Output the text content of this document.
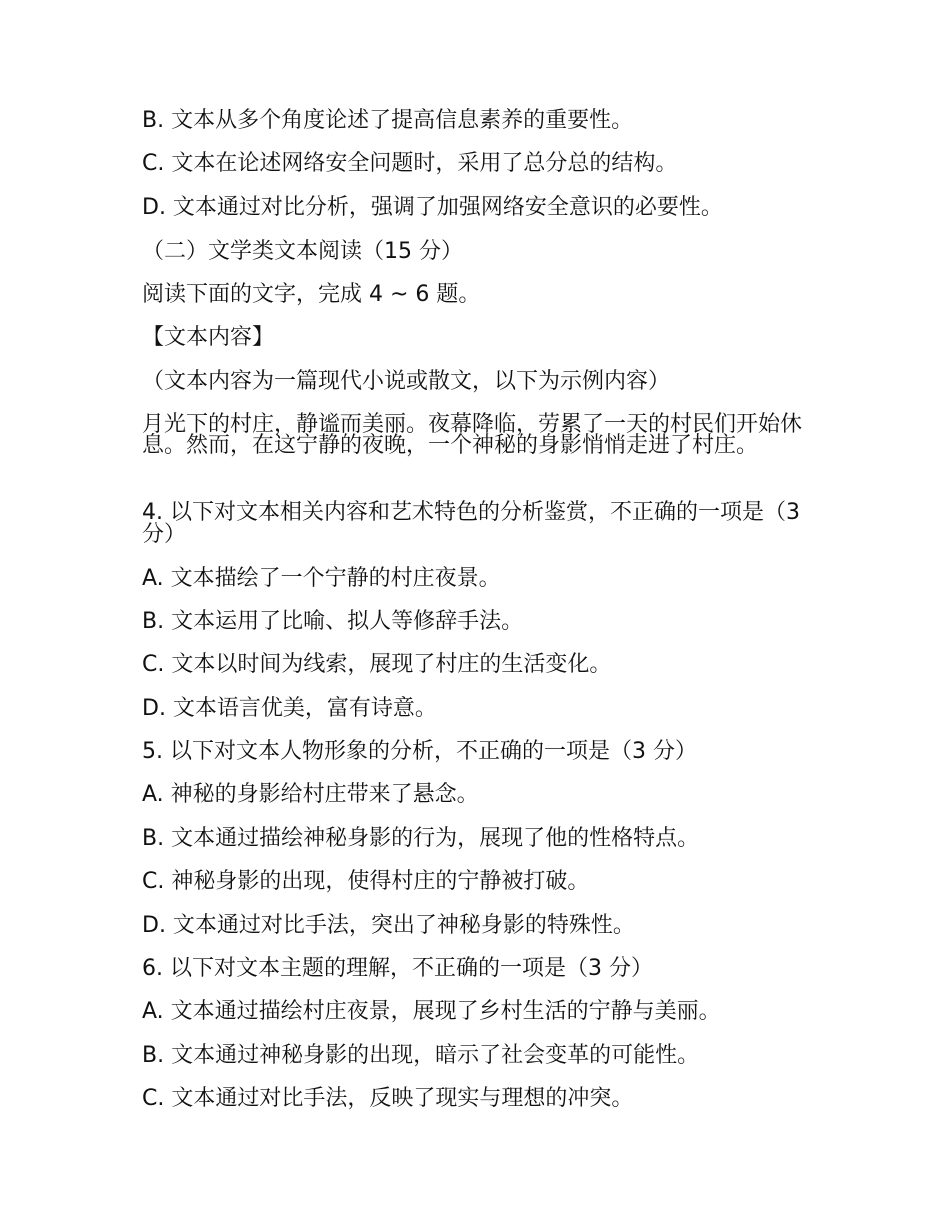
B. 文本从多个角度论述了提高信息素养的重要性。
C. 文本在论述网络安全问题时，采用了总分总的结构。
D. 文本通过对比分析，强调了加强网络安全意识的必要性。
（二）文学类文本阅读（15 分）
阅读下面的文字，完成 4 ~ 6 题。
【文本内容】
（文本内容为一篇现代小说或散文，以下为示例内容）
月光下的村庄，静谧而美丽。夜幕降临，劳累了一天的村民们开始休息。然而，在这宁静的夜晚，一个神秘的身影悄悄走进了村庄。
4. 以下对文本相关内容和艺术特色的分析鉴赏，不正确的一项是（3 分）
A. 文本描绘了一个宁静的村庄夜景。
B. 文本运用了比喻、拟人等修辞手法。
C. 文本以时间为线索，展现了村庄的生活变化。
D. 文本语言优美，富有诗意。
5. 以下对文本人物形象的分析，不正确的一项是（3 分）
A. 神秘的身影给村庄带来了悬念。
B. 文本通过描绘神秘身影的行为，展现了他的性格特点。
C. 神秘身影的出现，使得村庄的宁静被打破。
D. 文本通过对比手法，突出了神秘身影的特殊性。
6. 以下对文本主题的理解，不正确的一项是（3 分）
A. 文本通过描绘村庄夜景，展现了乡村生活的宁静与美丽。
B. 文本通过神秘身影的出现，暗示了社会变革的可能性。
C. 文本通过对比手法，反映了现实与理想的冲突。
